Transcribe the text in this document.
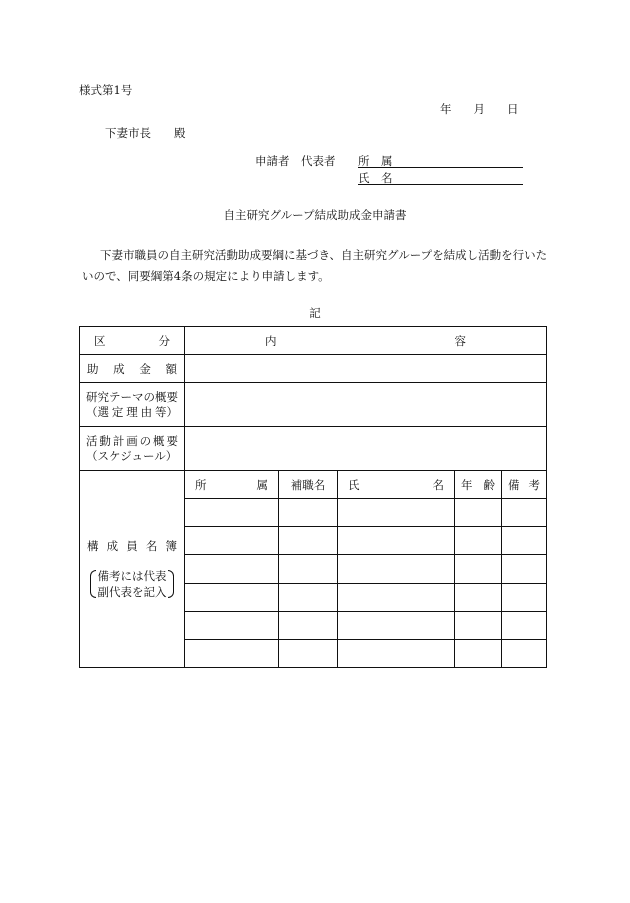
様式第1号
年 月 日
下妻市長　　殿
申請者　代表者 所　属
氏　名
自主研究グループ結成助成金申請書
下妻市職員の自主研究活動助成要綱に基づき、自主研究グループを結成し活動を行いたいので、同要綱第4条の規定により申請します。
記
区	分	内	容

助 成 金 額

研究テーマの概要
（選 定 理 由 等）

活 動 計 画 の 概 要
（スケジュール）

構 成 員 名 簿
備考には代表
副代表を記入

所	属	補職名	氏	名	年 齢	備 考
